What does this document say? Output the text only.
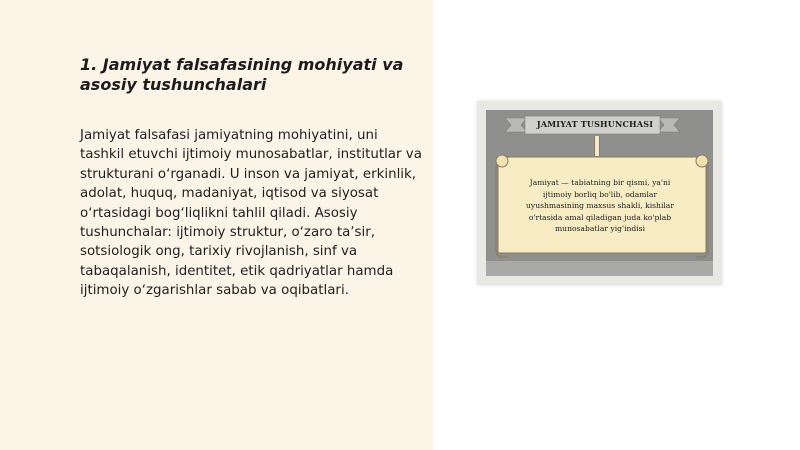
1. Jamiyat falsafasining mohiyati va asosiy tushunchalari

Jamiyat falsafasi jamiyatning mohiyatini, uni tashkil etuvchi ijtimoiy munosabatlar, institutlar va strukturani oʻrganadi. U inson va jamiyat, erkinlik, adolat, huquq, madaniyat, iqtisod va siyosat oʻrtasidagi bogʻliqlikni tahlil qiladi. Asosiy tushunchalar: ijtimoiy struktur, oʻzaro taʼsir, sotsiologik ong, tarixiy rivojlanish, sinf va tabaqalanish, identitet, etik qadriyatlar hamda ijtimoiy oʻzgarishlar sabab va oqibatlari.

JAMIYAT TUSHUNCHASI
Jamiyat — tabiatning bir qismi, ya'ni ijtimoiy borliq bo'lib, odamlar uyushmasining maxsus shakli, kishilar o'rtasida amal qiladigan juda ko'plab munosabatlar yig'indisi
